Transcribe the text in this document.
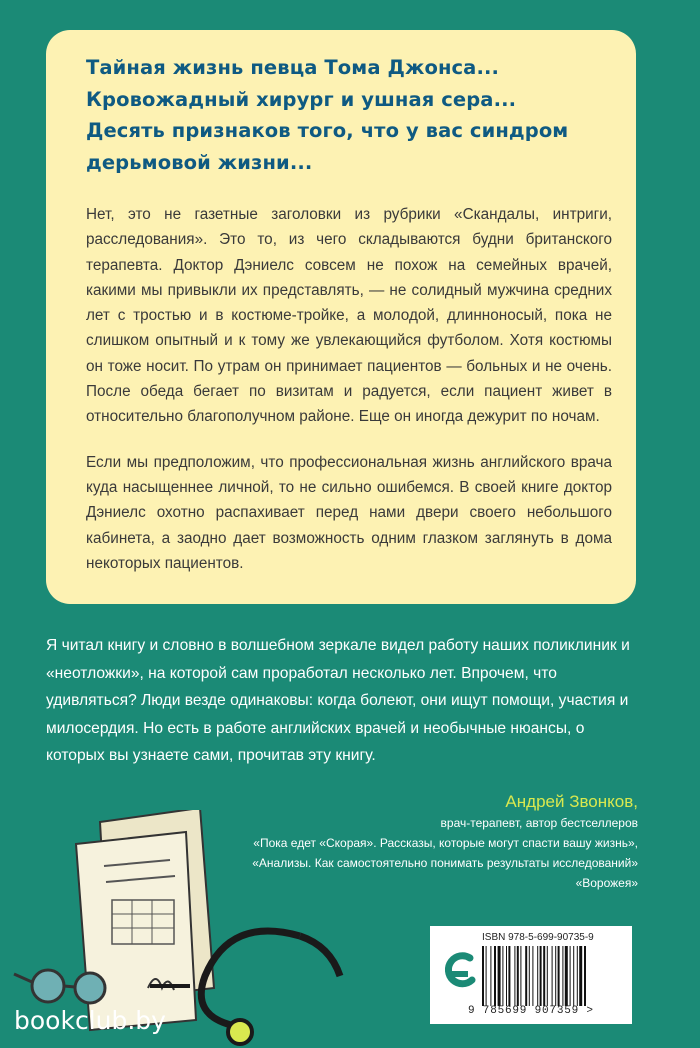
Тайная жизнь певца Тома Джонса...
Кровожадный хирург и ушная сера...
Десять признаков того, что у вас синдром
дерьмовой жизни...

Нет, это не газетные заголовки из рубрики «Скандалы, интриги, расследования». Это то, из чего складываются будни британского терапевта. Доктор Дэниелс совсем не похож на семейных врачей, какими мы привыкли их представлять, — не солидный мужчина средних лет с тростью и в костюме-тройке, а молодой, длинноносый, пока не слишком опытный и к тому же увлекающийся футболом. Хотя костюмы он тоже носит. По утрам он принимает пациентов — больных и не очень. После обеда бегает по визитам и радуется, если пациент живет в относительно благополучном районе. Еще он иногда дежурит по ночам.

Если мы предположим, что профессиональная жизнь английского врача куда насыщеннее личной, то не сильно ошибемся. В своей книге доктор Дэниелс охотно распахивает перед нами двери своего небольшого кабинета, а заодно дает возможность одним глазком заглянуть в дома некоторых пациентов.

Я читал книгу и словно в волшебном зеркале видел работу наших поликлиник и «неотложки», на которой сам проработал несколько лет. Впрочем, что удивляться? Люди везде одинаковы: когда болеют, они ищут помощи, участия и милосердия. Но есть в работе английских врачей и необычные нюансы, о которых вы узнаете сами, прочитав эту книгу.

Андрей Звонков,
врач-терапевт, автор бестселлеров
«Пока едет «Скорая». Рассказы, которые могут спасти вашу жизнь»,
«Анализы. Как самостоятельно понимать результаты исследований»
«Ворожея»
bookclub.by
ISBN 978-5-699-90735-9
9 785699 907359 >
